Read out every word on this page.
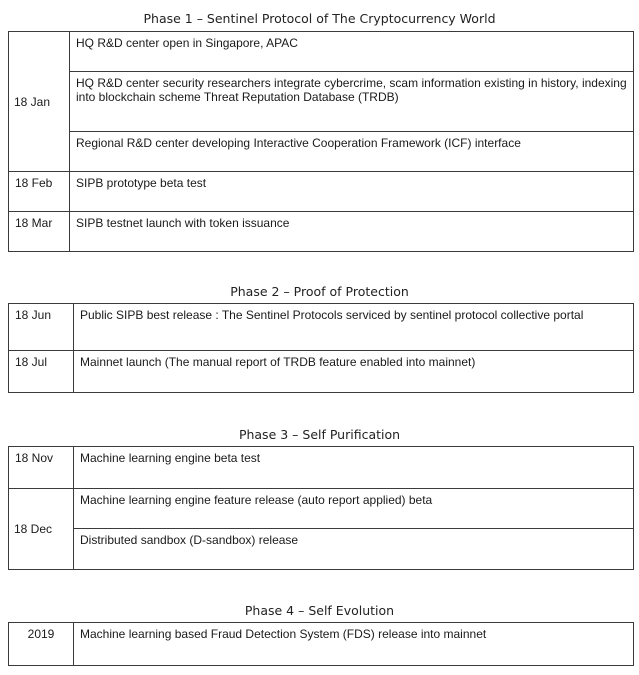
Phase 1 – Sentinel Protocol of The Cryptocurrency World
18 Jan	HQ R&D center open in Singapore, APAC
	HQ R&D center security researchers integrate cybercrime, scam information existing in history, indexing into blockchain scheme Threat Reputation Database (TRDB)
	Regional R&D center developing Interactive Cooperation Framework (ICF) interface
18 Feb	SIPB prototype beta test
18 Mar	SIPB testnet launch with token issuance
Phase 2 – Proof of Protection
18 Jun	Public SIPB best release : The Sentinel Protocols serviced by sentinel protocol collective portal
18 Jul	Mainnet launch (The manual report of TRDB feature enabled into mainnet)
Phase 3 – Self Purification
18 Nov	Machine learning engine beta test
18 Dec	Machine learning engine feature release (auto report applied) beta
	Distributed sandbox (D-sandbox) release
Phase 4 – Self Evolution
2019	Machine learning based Fraud Detection System (FDS) release into mainnet
